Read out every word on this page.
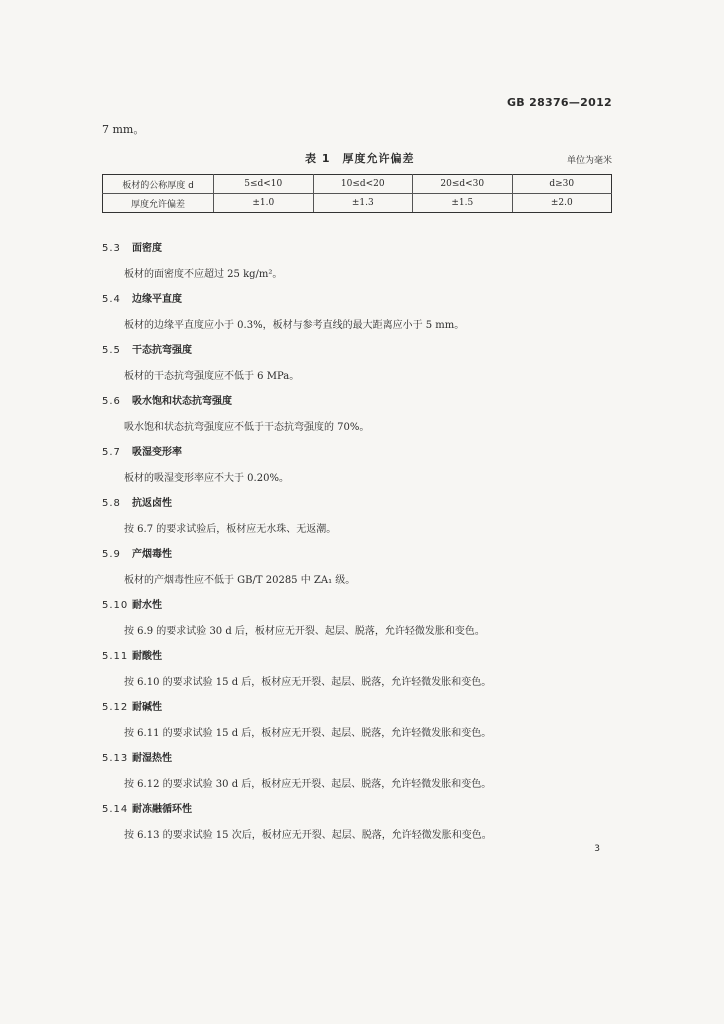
GB 28376—2012
7 mm。
表 1　厚度允许偏差	单位为毫米
板材的公称厚度 d	5≤d<10	10≤d<20	20≤d<30	d≥30
厚度允许偏差	±1.0	±1.3	±1.5	±2.0
5.3 面密度
板材的面密度不应超过 25 kg/m²。
5.4 边缘平直度
板材的边缘平直度应小于 0.3%，板材与参考直线的最大距离应小于 5 mm。
5.5 干态抗弯强度
板材的干态抗弯强度应不低于 6 MPa。
5.6 吸水饱和状态抗弯强度
吸水饱和状态抗弯强度应不低于干态抗弯强度的 70%。
5.7 吸湿变形率
板材的吸湿变形率应不大于 0.20%。
5.8 抗返卤性
按 6.7 的要求试验后，板材应无水珠、无返潮。
5.9 产烟毒性
板材的产烟毒性应不低于 GB/T 20285 中 ZA₁ 级。
5.10 耐水性
按 6.9 的要求试验 30 d 后，板材应无开裂、起层、脱落，允许轻微发胀和变色。
5.11 耐酸性
按 6.10 的要求试验 15 d 后，板材应无开裂、起层、脱落，允许轻微发胀和变色。
5.12 耐碱性
按 6.11 的要求试验 15 d 后，板材应无开裂、起层、脱落，允许轻微发胀和变色。
5.13 耐湿热性
按 6.12 的要求试验 30 d 后，板材应无开裂、起层、脱落，允许轻微发胀和变色。
5.14 耐冻融循环性
按 6.13 的要求试验 15 次后，板材应无开裂、起层、脱落，允许轻微发胀和变色。
3
